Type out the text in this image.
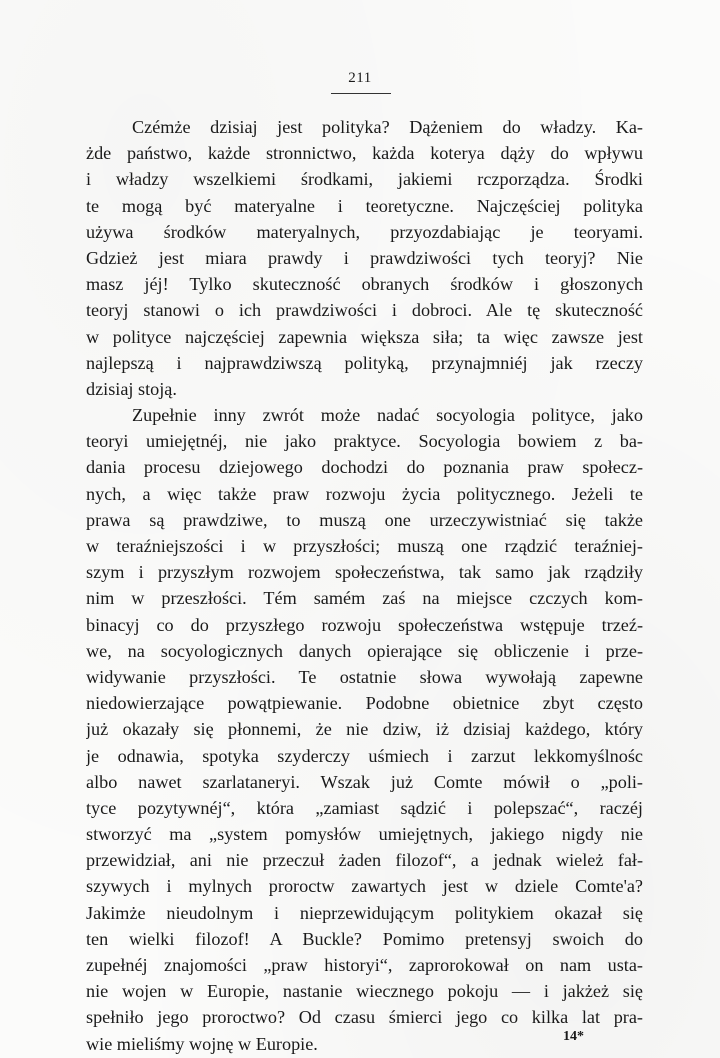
211
Czémże dzisiaj jest polityka? Dążeniem do władzy. Ka-
żde państwo, każde stronnictwo, każda koterya dąży do wpływu
i władzy wszelkiemi środkami, jakiemi rczporządza. Środki
te mogą być materyalne i teoretyczne. Najczęściej polityka
używa środków materyalnych, przyozdabiając je teoryami.
Gdzież jest miara prawdy i prawdziwości tych teoryj? Nie
masz jéj! Tylko skuteczność obranych środków i głoszonych
teoryj stanowi o ich prawdziwości i dobroci. Ale tę skuteczność
w polityce najczęściej zapewnia większa siła; ta więc zawsze jest
najlepszą i najprawdziwszą polityką, przynajmniéj jak rzeczy
dzisiaj stoją.
Zupełnie inny zwrót może nadać socyologia polityce, jako
teoryi umiejętnéj, nie jako praktyce. Socyologia bowiem z ba-
dania procesu dziejowego dochodzi do poznania praw społecz-
nych, a więc także praw rozwoju życia politycznego. Jeżeli te
prawa są prawdziwe, to muszą one urzeczywistniać się także
w teraźniejszości i w przyszłości; muszą one rządzić teraźniej-
szym i przyszłym rozwojem społeczeństwa, tak samo jak rządziły
nim w przeszłości. Tém samém zaś na miejsce czczych kom-
binacyj co do przyszłego rozwoju społeczeństwa wstępuje trzeź-
we, na socyologicznych danych opierające się obliczenie i prze-
widywanie przyszłości. Te ostatnie słowa wywołają zapewne
niedowierzające powątpiewanie. Podobne obietnice zbyt często
już okazały się płonnemi, że nie dziw, iż dzisiaj każdego, który
je odnawia, spotyka szyderczy uśmiech i zarzut lekkomyślnośc
albo nawet szarlataneryi. Wszak już Comte mówił o „poli-
tyce pozytywnéj“, która „zamiast sądzić i polepszać“, raczéj
stworzyć ma „system pomysłów umiejętnych, jakiego nigdy nie
przewidział, ani nie przeczuł żaden filozof“, a jednak wieleż fał-
szywych i mylnych proroctw zawartych jest w dziele Comte'a?
Jakimże nieudolnym i nieprzewidującym politykiem okazał się
ten wielki filozof! A Buckle? Pomimo pretensyj swoich do
zupełnéj znajomości „praw historyi“, zaprorokował on nam usta-
nie wojen w Europie, nastanie wiecznego pokoju — i jakżeż się
spełniło jego proroctwo? Od czasu śmierci jego co kilka lat pra-
wie mieliśmy wojnę w Europie.	14*
